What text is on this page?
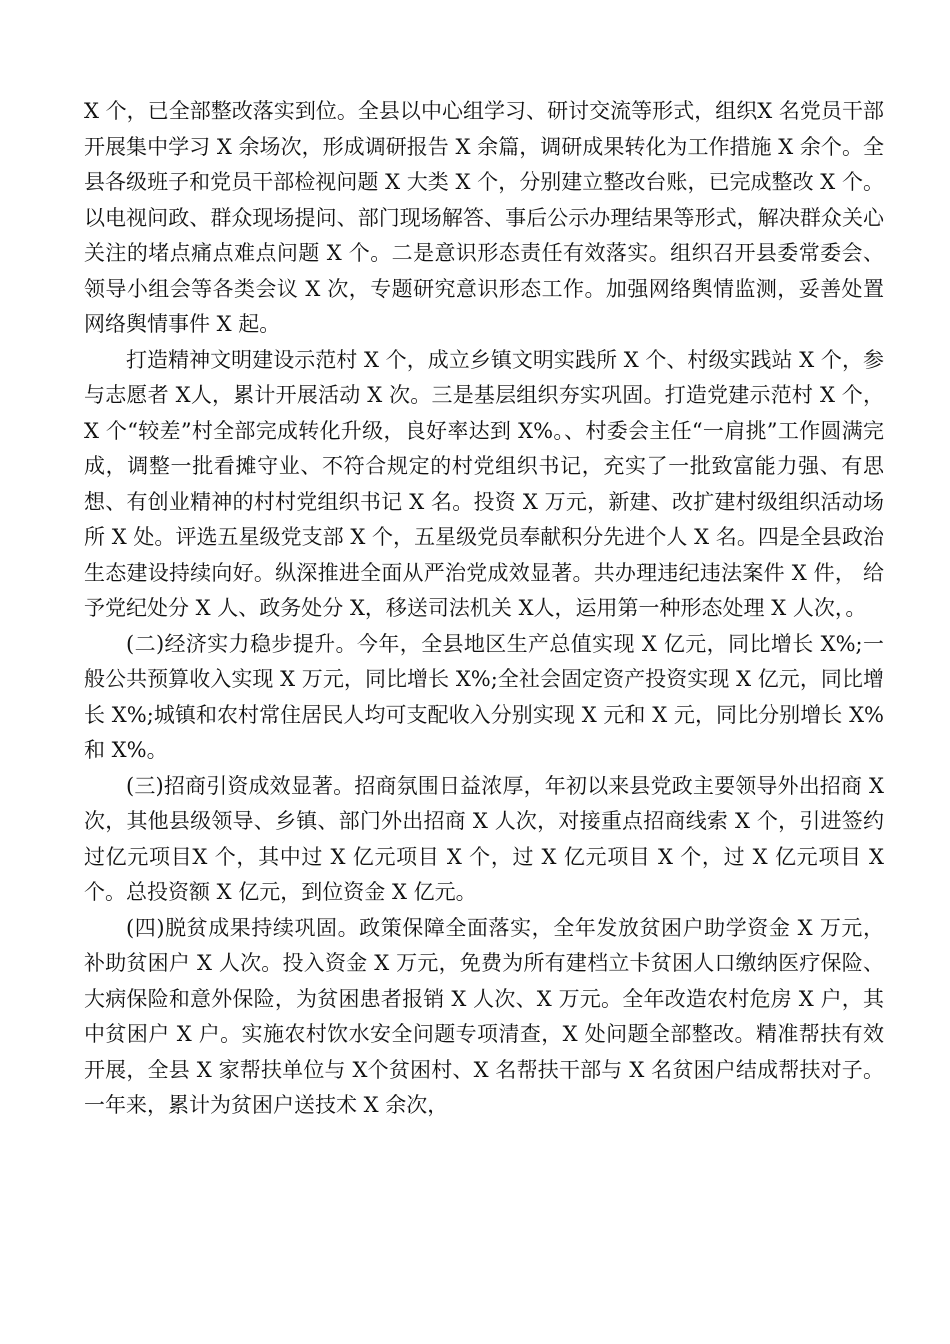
X 个，已全部整改落实到位。全县以中心组学习、研讨交流等形式，组织X 名党员干部开展集中学习 X 余场次，形成调研报告 X 余篇，调研成果转化为工作措施 X 余个。全县各级班子和党员干部检视问题 X 大类 X 个，分别建立整改台账，已完成整改 X 个。以电视问政、群众现场提问、部门现场解答、事后公示办理结果等形式，解决群众关心关注的堵点痛点难点问题 X 个。二是意识形态责任有效落实。组织召开县委常委会、领导小组会等各类会议 X 次，专题研究意识形态工作。加强网络舆情监测，妥善处置网络舆情事件 X 起。

打造精神文明建设示范村 X 个，成立乡镇文明实践所 X 个、村级实践站 X 个，参与志愿者 X人，累计开展活动 X 次。三是基层组织夯实巩固。打造党建示范村 X 个，X 个“较差”村全部完成转化升级，良好率达到 X%。、村委会主任“一肩挑”工作圆满完成，调整一批看摊守业、不符合规定的村党组织书记，充实了一批致富能力强、有思想、有创业精神的村村党组织书记 X 名。投资 X 万元，新建、改扩建村级组织活动场所 X 处。评选五星级党支部 X 个，五星级党员奉献积分先进个人 X 名。四是全县政治生态建设持续向好。纵深推进全面从严治党成效显著。共办理违纪违法案件 X 件， 给予党纪处分 X 人、政务处分 X，移送司法机关 X人，运用第一种形态处理 X 人次，。

(二)经济实力稳步提升。今年，全县地区生产总值实现 X 亿元，同比增长 X%;一般公共预算收入实现 X 万元，同比增长 X%;全社会固定资产投资实现 X 亿元，同比增长 X%;城镇和农村常住居民人均可支配收入分别实现 X 元和 X 元，同比分别增长 X%和 X%。

(三)招商引资成效显著。招商氛围日益浓厚，年初以来县党政主要领导外出招商 X 次，其他县级领导、乡镇、部门外出招商 X 人次，对接重点招商线索 X 个，引进签约过亿元项目X 个，其中过 X 亿元项目 X 个，过 X 亿元项目 X 个，过 X 亿元项目 X 个。总投资额 X 亿元，到位资金 X 亿元。

(四)脱贫成果持续巩固。政策保障全面落实，全年发放贫困户助学资金 X 万元，补助贫困户 X 人次。投入资金 X 万元，免费为所有建档立卡贫困人口缴纳医疗保险、大病保险和意外保险，为贫困患者报销 X 人次、X 万元。全年改造农村危房 X 户，其中贫困户 X 户。实施农村饮水安全问题专项清查，X 处问题全部整改。精准帮扶有效开展，全县 X 家帮扶单位与 X个贫困村、X 名帮扶干部与 X 名贫困户结成帮扶对子。一年来，累计为贫困户送技术 X 余次，
